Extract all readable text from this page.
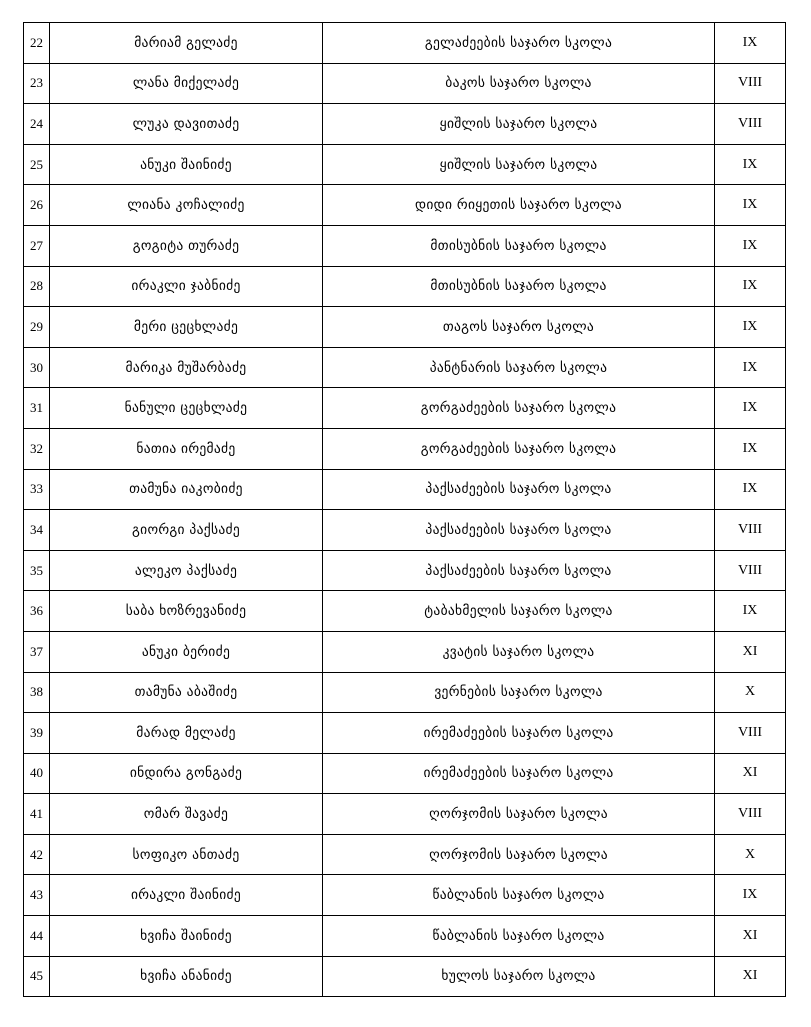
22	მარიამ გელაძე	გელაძეების საჯარო სკოლა	IX
23	ლანა მიქელაძე	ბაკოს საჯარო სკოლა	VIII
24	ლუკა დავითაძე	ყიშლის საჯარო სკოლა	VIII
25	ანუკი შაინიძე	ყიშლის საჯარო სკოლა	IX
26	ლიანა კოჩალიძე	დიდი რიყეთის საჯარო სკოლა	IX
27	გოგიტა თურაძე	მთისუბნის საჯარო სკოლა	IX
28	ირაკლი ჯაბნიძე	მთისუბნის საჯარო სკოლა	IX
29	მერი ცეცხლაძე	თაგოს საჯარო სკოლა	IX
30	მარიკა მუშარბაძე	პანტნარის საჯარო სკოლა	IX
31	ნანული ცეცხლაძე	გორგაძეების საჯარო სკოლა	IX
32	ნათია ირემაძე	გორგაძეების საჯარო სკოლა	IX
33	თამუნა იაკობიძე	პაქსაძეების საჯარო სკოლა	IX
34	გიორგი პაქსაძე	პაქსაძეების საჯარო სკოლა	VIII
35	ალეკო პაქსაძე	პაქსაძეების საჯარო სკოლა	VIII
36	საბა ხოზრევანიძე	ტაბახმელის საჯარო სკოლა	IX
37	ანუკი ბერიძე	კვატის საჯარო სკოლა	XI
38	თამუნა აბაშიძე	ვერნების საჯარო სკოლა	X
39	მარად მელაძე	ირემაძეების საჯარო სკოლა	VIII
40	ინდირა გონგაძე	ირემაძეების საჯარო სკოლა	XI
41	ომარ შავაძე	ღორჯომის საჯარო სკოლა	VIII
42	სოფიკო ანთაძე	ღორჯომის საჯარო სკოლა	X
43	ირაკლი შაინიძე	წაბლანის საჯარო სკოლა	IX
44	ხვიჩა შაინიძე	წაბლანის საჯარო სკოლა	XI
45	ხვიჩა ანანიძე	ხულოს საჯარო სკოლა	XI
